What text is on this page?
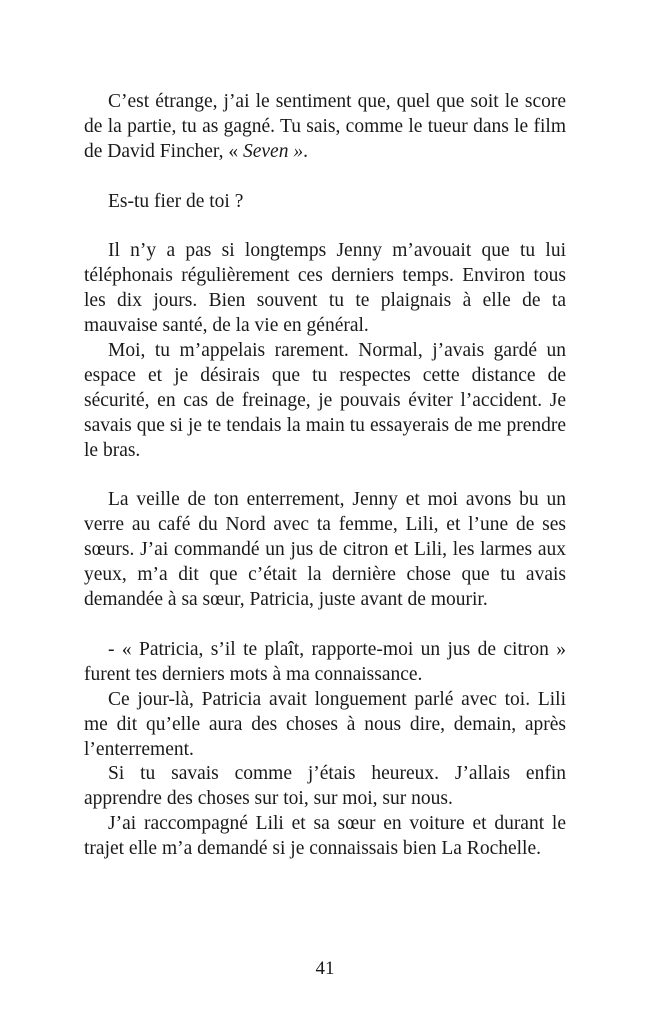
C’est étrange, j’ai le sentiment que, quel que soit le score de la partie, tu as gagné. Tu sais, comme le tueur dans le film de David Fincher, « Seven ».

Es-tu fier de toi ?

Il n’y a pas si longtemps Jenny m’avouait que tu lui téléphonais régulièrement ces derniers temps. Environ tous les dix jours. Bien souvent tu te plaignais à elle de ta mauvaise santé, de la vie en général.

Moi, tu m’appelais rarement. Normal, j’avais gardé un espace et je désirais que tu respectes cette distance de sécurité, en cas de freinage, je pouvais éviter l’accident. Je savais que si je te tendais la main tu essayerais de me prendre le bras.

La veille de ton enterrement, Jenny et moi avons bu un verre au café du Nord avec ta femme, Lili, et l’une de ses sœurs. J’ai commandé un jus de citron et Lili, les larmes aux yeux, m’a dit que c’était la dernière chose que tu avais demandée à sa sœur, Patricia, juste avant de mourir.

- « Patricia, s’il te plaît, rapporte-moi un jus de citron » furent tes derniers mots à ma connaissance.

Ce jour-là, Patricia avait longuement parlé avec toi. Lili me dit qu’elle aura des choses à nous dire, demain, après l’enterrement.

Si tu savais comme j’étais heureux. J’allais enfin apprendre des choses sur toi, sur moi, sur nous.

J’ai raccompagné Lili et sa sœur en voiture et durant le trajet elle m’a demandé si je connaissais bien La Rochelle.

41
